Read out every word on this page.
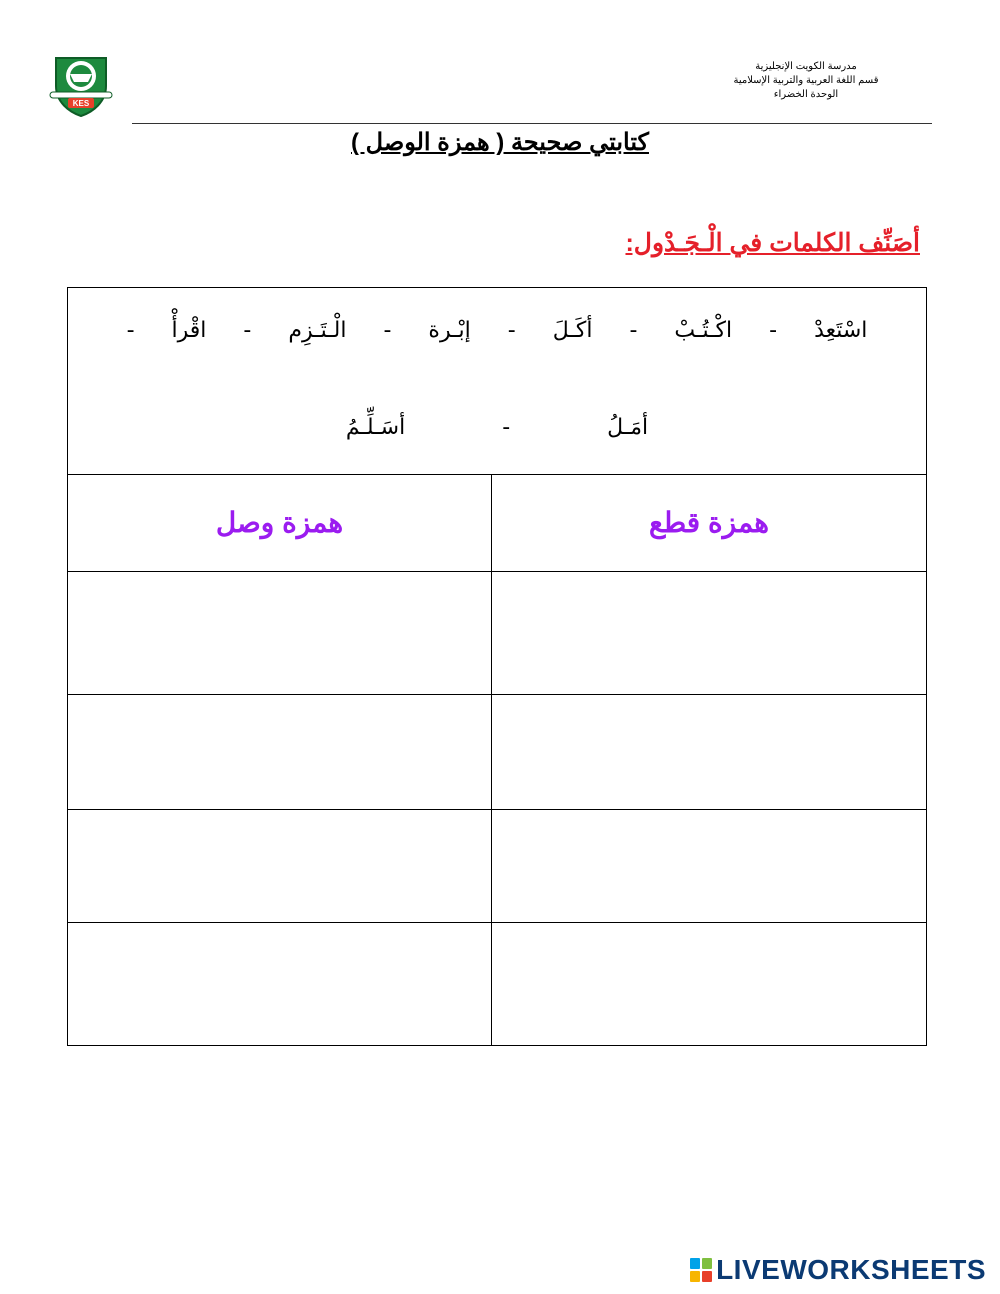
KES
مدرسة الكويت الإنجليزية
قسم اللغة العربية والتربية الإسلامية
الوحدة الخضراء
كتابتي صحيحة ( همزة الوصل )
أصَنِّف الكلمات في الْـجَـدْول:
اسْتَعِدْ - اكْـتُـبْ - أكَـلَ - إبْـرة - الْـتَـزِم - اقْرأْ -
أمَـلُ - أسَـلِّـمُ
همزة قطع
همزة وصل
LIVEWORKSHEETS
